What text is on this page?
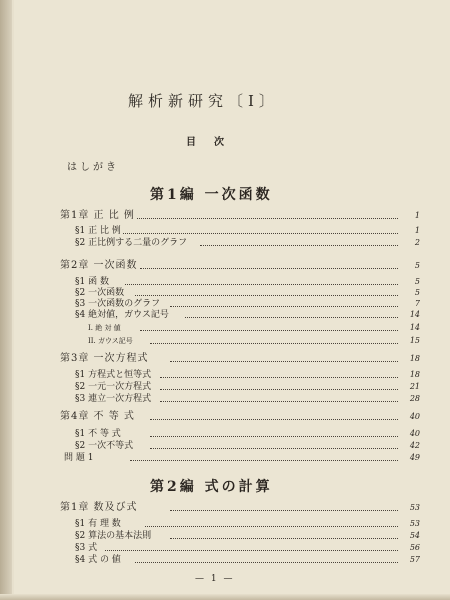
解析新研究〔I〕
目次
はしがき
第1編 一次函数
第1章 正 比 例	1
§1 正 比 例	1
§2 正比例する二量のグラフ	2
第2章 一次函数	5
§1 函 数	5
§2 一次函数	5
§3 一次函数のグラフ	7
§4 絶対値，ガウス記号	14
I. 絶 対 値	14
II. ガウス記号	15
第3章 一次方程式	18
§1 方程式と恒等式	18
§2 一元一次方程式	21
§3 連立一次方程式	28
第4章 不 等 式	40
§1 不 等 式	40
§2 一次不等式	42
問 題 1	49
第2編 式の計算
第1章 数及び式	53
§1 有 理 数	53
§2 算法の基本法則	54
§3 式	56
§4 式 の 値	57
— 1 —
